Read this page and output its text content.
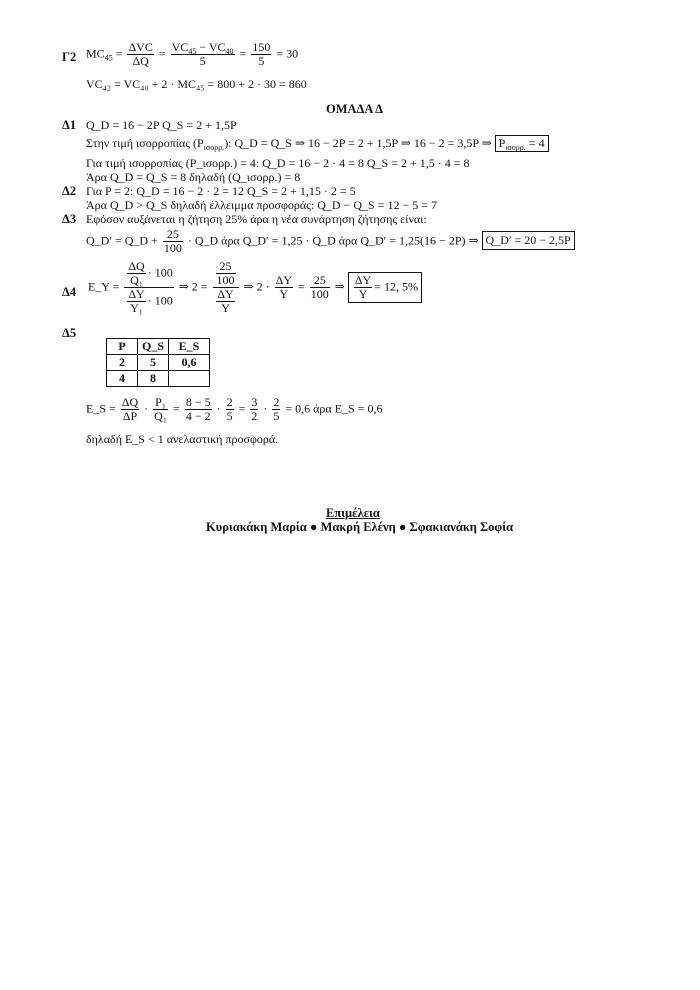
Γ2 $MC_{45} = \frac{\text{ΔVC}}{\Delta Q} = \frac{VC_{45} - VC_{40}}{5} = \frac{150}{5} = 30$
VC₄₂ = VC₄₀ + 2 · MC₄₅ = 800 + 2 · 30 = 860
ΟΜΑΔΑ Δ
Δ1 Q_D = 16 − 2P Q_S = 2 + 1,5P
Στην τιμή ισορροπίας $(P_{\iota\sigma o\rho\rho.})$: Q_D = Q_S ⇒ 16 − 2P = 2 + 1,5P ⇒ 16 − 2 = 3,5P ⇒ $P_{\iota\sigma o\rho\rho.} = 4$
Για τιμή ισορροπίας (P_ισορρ.) = 4: Q_D = 16 − 2 · 4 = 8 Q_S = 2 + 1,5 · 4 = 8
Άρα Q_D = Q_S = 8 δηλαδή (Q_ισορρ.) = 8
Δ2 Για P = 2: Q_D = 16 − 2 · 2 = 12 Q_S = 2 + 1,15 · 2 = 5
Άρα Q_D > Q_S δηλαδή έλλειμμα προσφοράς: Q_D − Q_S = 12 − 5 = 7
Δ3 Εφόσον αυξάνεται η ζήτηση 25% άρα η νέα συνάρτηση ζήτησης είναι:
Q_D′ = Q_D + $\frac{25}{100}$ · Q_D άρα Q_D′ = 1,25 · Q_D άρα Q_D′ = 1,25(16 − 2P) ⇒ Q_D′ = 20 − 2,5P
Δ4 E_Y = $\frac{\frac{\Delta Q}{\text{Q₁}} \cdot 100}{\frac{\Delta Y}{\text{Y₁}} \cdot 100}$ ⇒ $2 = \frac{\frac{25}{100}}{\frac{\Delta Y}{Y}}$ ⇒ $2 \cdot \frac{\Delta Y}{Y} = \frac{25}{100}$ ⇒ $\frac{\Delta Y}{Y} = 12$, 5%
Δ5
P	Q_S	E_S
2	5	0,6
4	8	
E_S = $\frac{\Delta Q}{\Delta P} \cdot \frac{\text{P₁}}{\text{Q₁}} = \frac{8 - 5}{4 - 2} \cdot \frac{2}{5} = \frac{3}{2} \cdot \frac{2}{5} = 0,6$ άρα E_S = 0,6
δηλαδή E_S < 1 ανελαστική προσφορά.
Επιμέλεια
Κυριακάκη Μαρία ● Μακρή Ελένη ● Σφακιανάκη Σοφία
